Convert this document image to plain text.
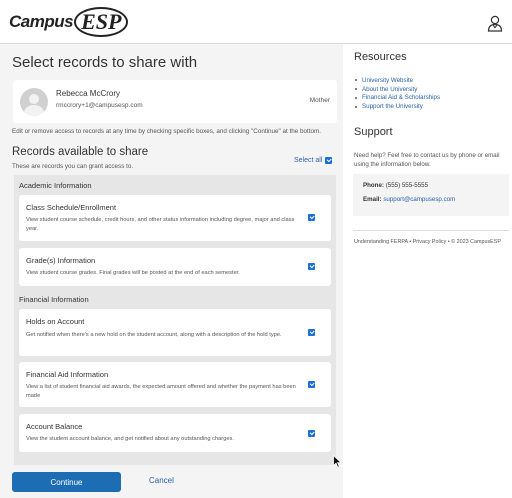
Campus ESP
Select records to share with
Rebecca McCrory
rmccrory+1@campusesp.com
Mother
Edit or remove access to records at any time by checking specific boxes, and clicking "Continue" at the bottom.
Records available to share
These are records you can grant access to.
Select all
Academic Information
Class Schedule/Enrollment
View student course schedule, credit hours, and other status information including degree, major and class year.
Grade(s) Information
View student course grades. Final grades will be posted at the end of each semester.
Financial Information
Holds on Account
Get notified when there's a new hold on the student account, along with a description of the hold type.
Financial Aid Information
View a list of student financial aid awards, the expected amount offered and whether the payment has been made
Account Balance
View the student account balance, and get notified about any outstanding charges.
Continue	Cancel
Resources
University Website
About the University
Financial Aid & Scholarships
Support the University
Support
Need help? Feel free to contact us by phone or email using the information below.
Phone: (555) 555-5555
Email: support@campusesp.com
Understanding FERPA • Privacy Policy • © 2023 CampusESP
